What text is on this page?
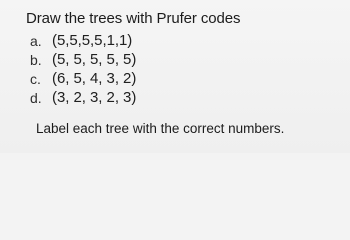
Draw the trees with Prufer codes
a. (5,5,5,5,1,1)
b. (5, 5, 5, 5, 5)
c. (6, 5, 4, 3, 2)
d. (3, 2, 3, 2, 3)
Label each tree with the correct numbers.
